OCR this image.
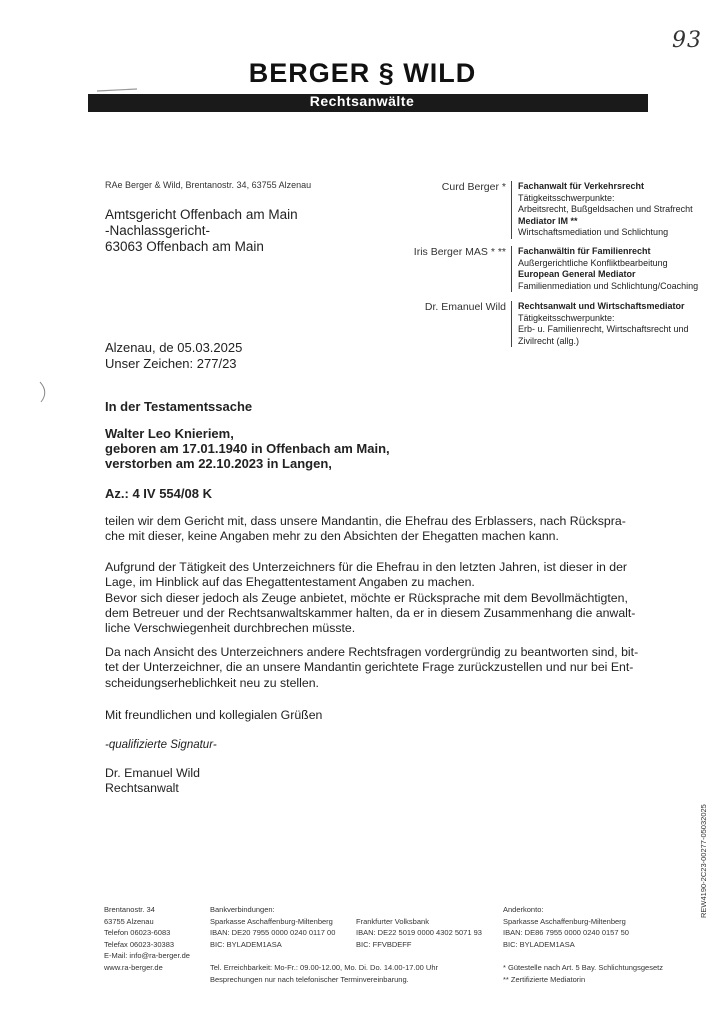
93
BERGER § WILD
Rechtsanwälte
RAe Berger & Wild, Brentanostr. 34, 63755 Alzenau
Amtsgericht Offenbach am Main
-Nachlassgericht-
63063 Offenbach am Main
Curd Berger * Fachanwalt für Verkehrsrecht
Tätigkeitsschwerpunkte:
Arbeitsrecht, Bußgeldsachen und Strafrecht
Mediator IM **
Wirtschaftsmediation und Schlichtung
Iris Berger MAS * ** Fachanwältin für Familienrecht
Außergerichtliche Konfliktbearbeitung
European General Mediator
Familienmediation und Schlichtung/Coaching
Dr. Emanuel Wild Rechtsanwalt und Wirtschaftsmediator
Tätigkeitsschwerpunkte:
Erb- u. Familienrecht, Wirtschaftsrecht und
Zivilrecht (allg.)
Alzenau, de 05.03.2025
Unser Zeichen: 277/23
In der Testamentssache
Walter Leo Knieriem,
geboren am 17.01.1940 in Offenbach am Main,
verstorben am 22.10.2023 in Langen,
Az.: 4 IV 554/08 K
teilen wir dem Gericht mit, dass unsere Mandantin, die Ehefrau des Erblassers, nach Rückspra-
che mit dieser, keine Angaben mehr zu den Absichten der Ehegatten machen kann.
Aufgrund der Tätigkeit des Unterzeichners für die Ehefrau in den letzten Jahren, ist dieser in der
Lage, im Hinblick auf das Ehegattentestament Angaben zu machen.
Bevor sich dieser jedoch als Zeuge anbietet, möchte er Rücksprache mit dem Bevollmächtigten,
dem Betreuer und der Rechtsanwaltskammer halten, da er in diesem Zusammenhang die anwalt-
liche Verschwiegenheit durchbrechen müsste.
Da nach Ansicht des Unterzeichners andere Rechtsfragen vordergründig zu beantworten sind, bit-
tet der Unterzeichner, die an unsere Mandantin gerichtete Frage zurückzustellen und nur bei Ent-
scheidungserheblichkeit neu zu stellen.
Mit freundlichen und kollegialen Grüßen
-qualifizierte Signatur-
Dr. Emanuel Wild
Rechtsanwalt
REW4190-2C23-00277-05032025
Brentanostr. 34
63755 Alzenau
Telefon 06023-6083
Telefax 06023-30383
E-Mail: info@ra-berger.de
www.ra-berger.de
Bankverbindungen:
Sparkasse Aschaffenburg-Miltenberg
IBAN: DE20 7955 0000 0240 0117 00
BIC: BYLADEM1ASA

Frankfurter Volksbank
IBAN: DE22 5019 0000 4302 5071 93
BIC: FFVBDEFF
Anderkonto:
Sparkasse Aschaffenburg-Miltenberg
IBAN: DE86 7955 0000 0240 0157 50
BIC: BYLADEM1ASA
Tel. Erreichbarkeit: Mo-Fr.: 09.00-12.00, Mo. Di. Do. 14.00-17.00 Uhr
Besprechungen nur nach telefonischer Terminvereinbarung.
* Gütestelle nach Art. 5 Bay. Schlichtungsgesetz
** Zertifizierte Mediatorin
